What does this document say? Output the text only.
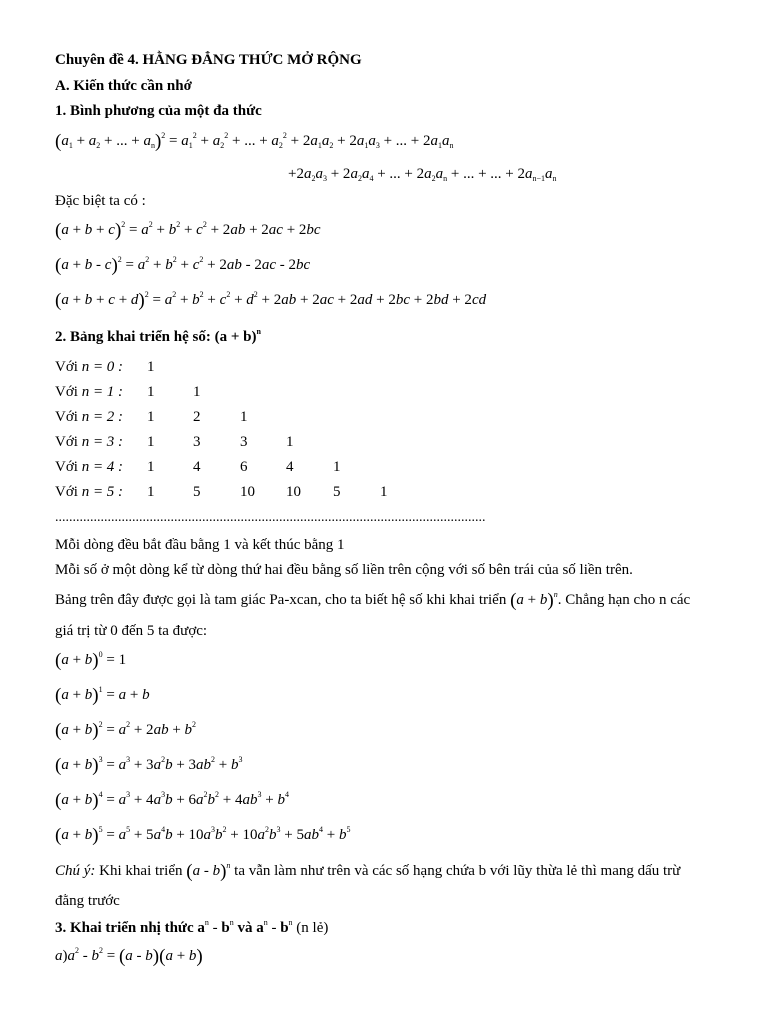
Chuyên đề 4. HẰNG ĐẲNG THỨC MỞ RỘNG
A. Kiến thức cần nhớ
1. Bình phương của một đa thức
($a_1 + a_2$ + ... + $a_n)^2 = a_1^2 + a_2^2$ + ... + $a_2^2 + 2a_1a_2 + 2a_1a_3$ + ... + $2a_1a_n$
$+2a_2a_3 + 2a_2a_4$ + ... + $2a_2a_n$ + ... + ... + $2a_{n-1}a_n$
Đặc biệt ta có :
$(a + b + c)^2 = a^2 + b^2 + c^2 + 2ab + 2ac + 2bc$
$(a + b - c)^2 = a^2 + b^2 + c^2 + 2ab - 2ac - 2bc$
$(a + b + c + d)^2 = a^2 + b^2 + c^2 + d^2 + 2ab + 2ac + 2ad + 2bc + 2bd + 2cd$
2. Bảng khai triển hệ số: $(a + b)^n$
Với n = 0 : 1
Với n = 1 : 1	1
Với n = 2 : 1	2	1
Với n = 3 : 1	3	3	1
Với n = 4 : 1	4	6	4	1
Với n = 5 : 1	5	10 10 5	1
...........................................................................................................................
Mỗi dòng đều bắt đầu bằng 1 và kết thúc bằng 1
Mỗi số ở một dòng kể từ dòng thứ hai đều bằng số liền trên cộng với số bên trái của số liền trên.
Bảng trên đây được gọi là tam giác Pa-xcan, cho ta biết hệ số khi khai triển $(a + b)^n$. Chẳng hạn cho n các
giá trị từ 0 đến 5 ta được:
$(a + b)^0 = 1$
$(a + b)^1 = a + b$
$(a + b)^2 = a^2 + 2ab + b^2$
$(a + b)^3 = a^3 + 3a^2b + 3ab^2 + b^3$
$(a + b)^4 = a^3 + 4a^3b + 6a^2b^2 + 4ab^3 + b^4$
$(a + b)^5 = a^5 + 5a^4b + 10a^3b^2 + 10a^2b^3 + 5ab^4 + b^5$
Chú ý: Khi khai triển (a - b)$^n$ ta vẫn làm như trên và các số hạng chứa b với lũy thừa lẻ thì mang dấu trừ
đằng trước
3. Khai triển nhị thức $a^n - b^n$ và $a^n - b^n$ (n lẻ)
$a)a^2 - b^2 = (a - b)(a + b)$
